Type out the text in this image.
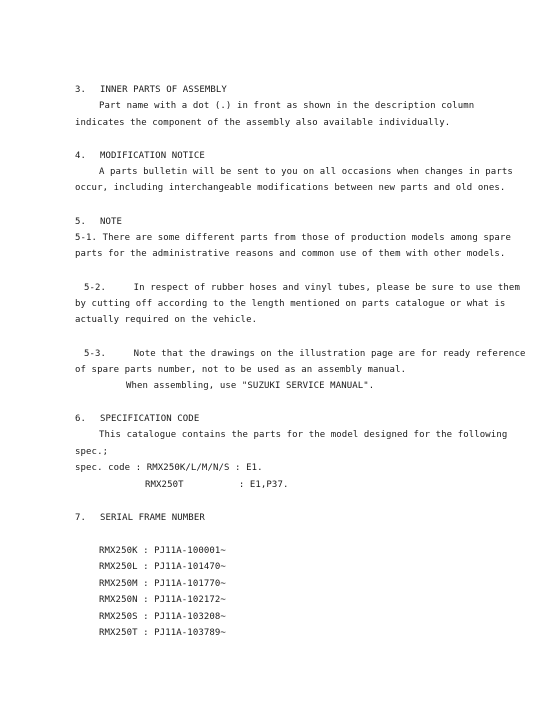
3. INNER PARTS OF ASSEMBLY
Part name with a dot (.) in front as shown in the description column
indicates the component of the assembly also available individually.
4. MODIFICATION NOTICE
A parts bulletin will be sent to you on all occasions when changes in parts
occur, including interchangeable modifications between new parts and old ones.
5. NOTE
5-1. There are some different parts from those of production models among spare
parts for the administrative reasons and common use of them with other models.
5-2.     In respect of rubber hoses and vinyl tubes, please be sure to use them
by cutting off according to the length mentioned on parts catalogue or what is
actually required on the vehicle.
5-3.     Note that the drawings on the illustration page are for ready reference
of spare parts number, not to be used as an assembly manual.
When assembling, use "SUZUKI SERVICE MANUAL".
6. SPECIFICATION CODE
This catalogue contains the parts for the model designed for the following
spec.;
spec. code : RMX250K/L/M/N/S : E1.
RMX250T          : E1,P37.
7. SERIAL FRAME NUMBER
RMX250K : PJ11A-100001~
RMX250L : PJ11A-101470~
RMX250M : PJ11A-101770~
RMX250N : PJ11A-102172~
RMX250S : PJ11A-103208~
RMX250T : PJ11A-103789~
